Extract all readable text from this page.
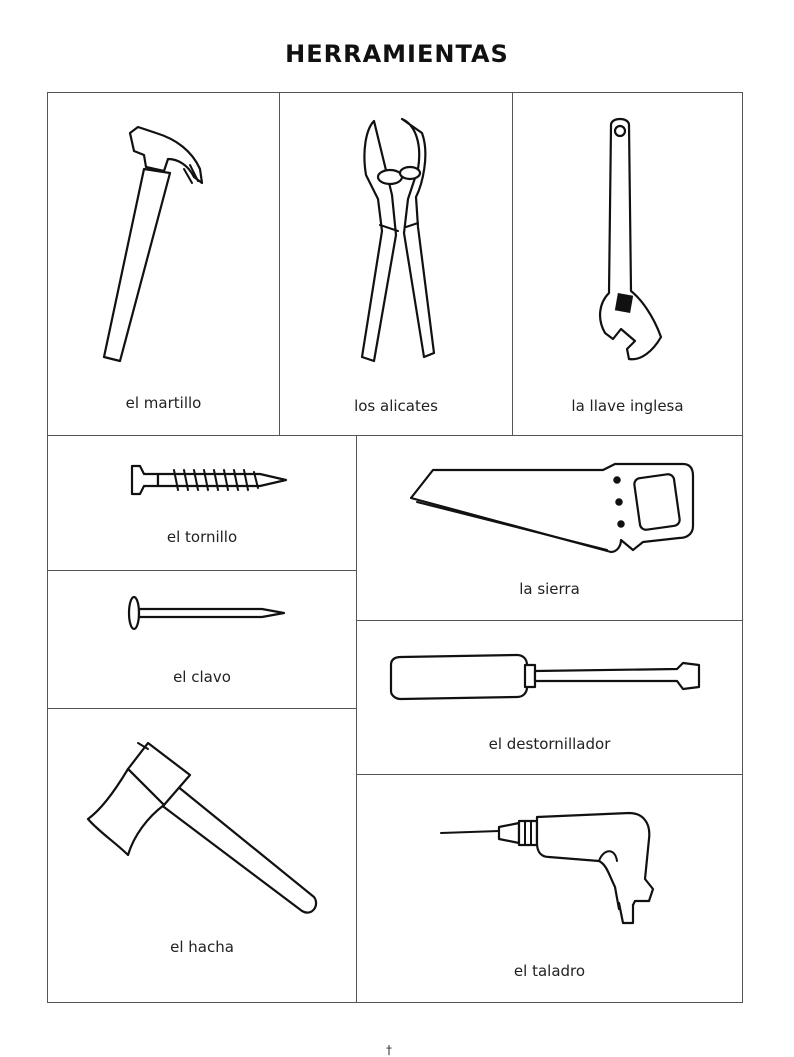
HERRAMIENTAS
el martillo	los alicates	la llave inglesa
el tornillo
el clavo
el hacha
la sierra
el destornillador
el taladro
†
